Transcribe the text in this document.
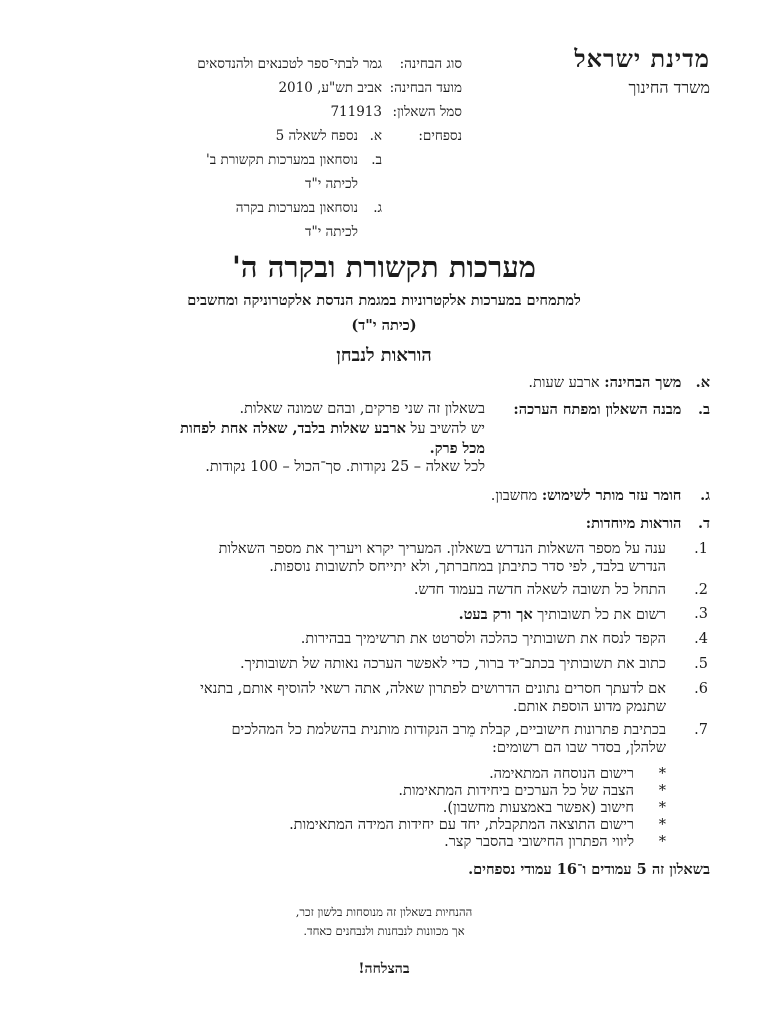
מדינת ישראל
משרד החינוך
סוג הבחינה:
מועד הבחינה:
סמל השאלון:
נספחים:
גמר לבתי־ספר לטכנאים ולהנדסאים
אביב תש"ע, 2010
711913
א.
נספח לשאלה 5
ב.
נוסחאון במערכות תקשורת ב'
לכיתה י"ד
ג.
נוסחאון במערכות בקרה
לכיתה י"ד
מערכות תקשורת ובקרה ה'
למתמחים במערכות אלקטרוניות במגמת הנדסת אלקטרוניקה ומחשבים
(כיתה י"ד)
הוראות לנבחן
א. משך הבחינה: ארבע שעות.
ב. מבנה השאלון ומפתח הערכה:
בשאלון זה שני פרקים, ובהם שמונה שאלות.
יש להשיב על ארבע שאלות בלבד, שאלה אחת לפחות
מכל פרק.
לכל שאלה – 25 נקודות. סך־הכול – 100 נקודות.
ג. חומר עזר מותר לשימוש: מחשבון.
ד. הוראות מיוחדות:
1.
ענה על מספר השאלות הנדרש בשאלון. המעריך יקרא ויעריך את מספר השאלות
הנדרש בלבד, לפי סדר כתיבתן במחברתך, ולא יתייחס לתשובות נוספות.
2.
התחל כל תשובה לשאלה חדשה בעמוד חדש.
3.
רשום את כל תשובותיך אך ורק בעט.
4.
הקפד לנסח את תשובותיך כהלכה ולסרטט את תרשימיך בבהירות.
5.
כתוב את תשובותיך בכתב־יד ברור, כדי לאפשר הערכה נאותה של תשובותיך.
6.
אם לדעתך חסרים נתונים הדרושים לפתרון שאלה, אתה רשאי להוסיף אותם, בתנאי
שתנמק מדוע הוספת אותם.
7.
בכתיבת פתרונות חישוביים, קבלת מֵרב הנקודות מותנית בהשלמת כל המהלכים
שלהלן, בסדר שבו הם רשומים:
*
רישום הנוסחה המתאימה.
*
הצבה של כל הערכים ביחידות המתאימות.
*
חישוב (אפשר באמצעות מחשבון).
*
רישום התוצאה המתקבלת, יחד עם יחידות המידה המתאימות.
*
ליווי הפתרון החישובי בהסבר קצר.
בשאלון זה 5 עמודים ו־16 עמודי נספחים.
ההנחיות בשאלון זה מנוסחות בלשון זכר,
אך מכוונות לנבחנות ולנבחנים כאחד.
בהצלחה!
